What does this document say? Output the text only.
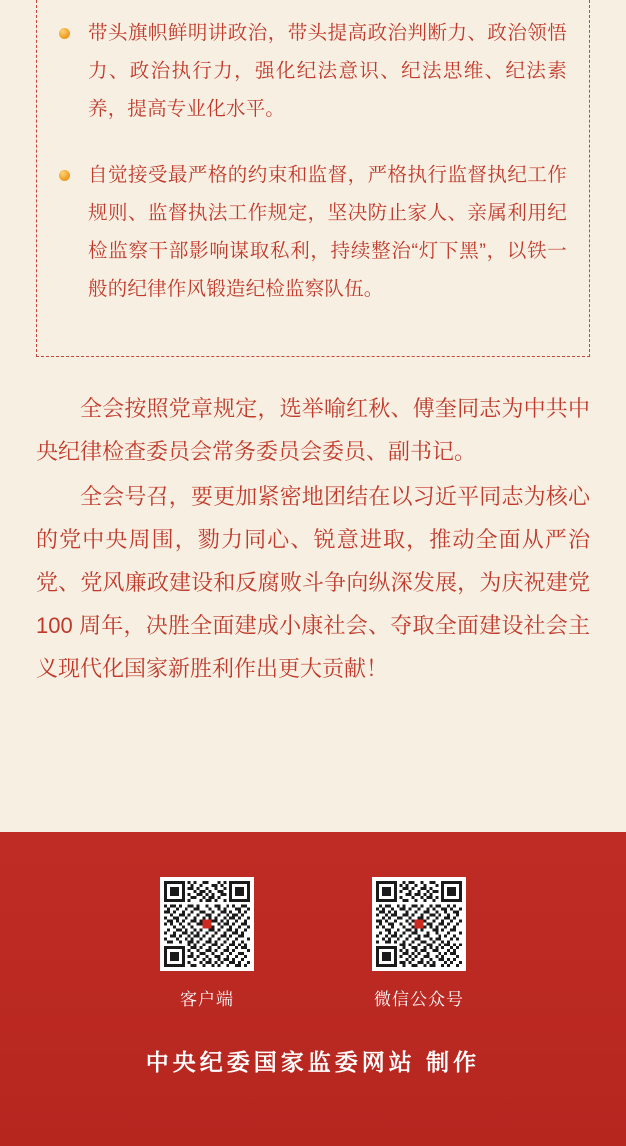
带头旗帜鲜明讲政治，带头提高政治判断力、政治领悟力、政治执行力，强化纪法意识、纪法思维、纪法素养，提高专业化水平。
自觉接受最严格的约束和监督，严格执行监督执纪工作规则、监督执法工作规定，坚决防止家人、亲属利用纪检监察干部影响谋取私利，持续整治“灯下黑”，以铁一般的纪律作风锻造纪检监察队伍。

全会按照党章规定，选举喻红秋、傅奎同志为中共中央纪律检查委员会常务委员会委员、副书记。

全会号召，要更加紧密地团结在以习近平同志为核心的党中央周围，勠力同心、锐意进取，推动全面从严治党、党风廉政建设和反腐败斗争向纵深发展，为庆祝建党 100 周年，决胜全面建成小康社会、夺取全面建设社会主义现代化国家新胜利作出更大贡献！

客户端	微信公众号
中央纪委国家监委网站 制作
